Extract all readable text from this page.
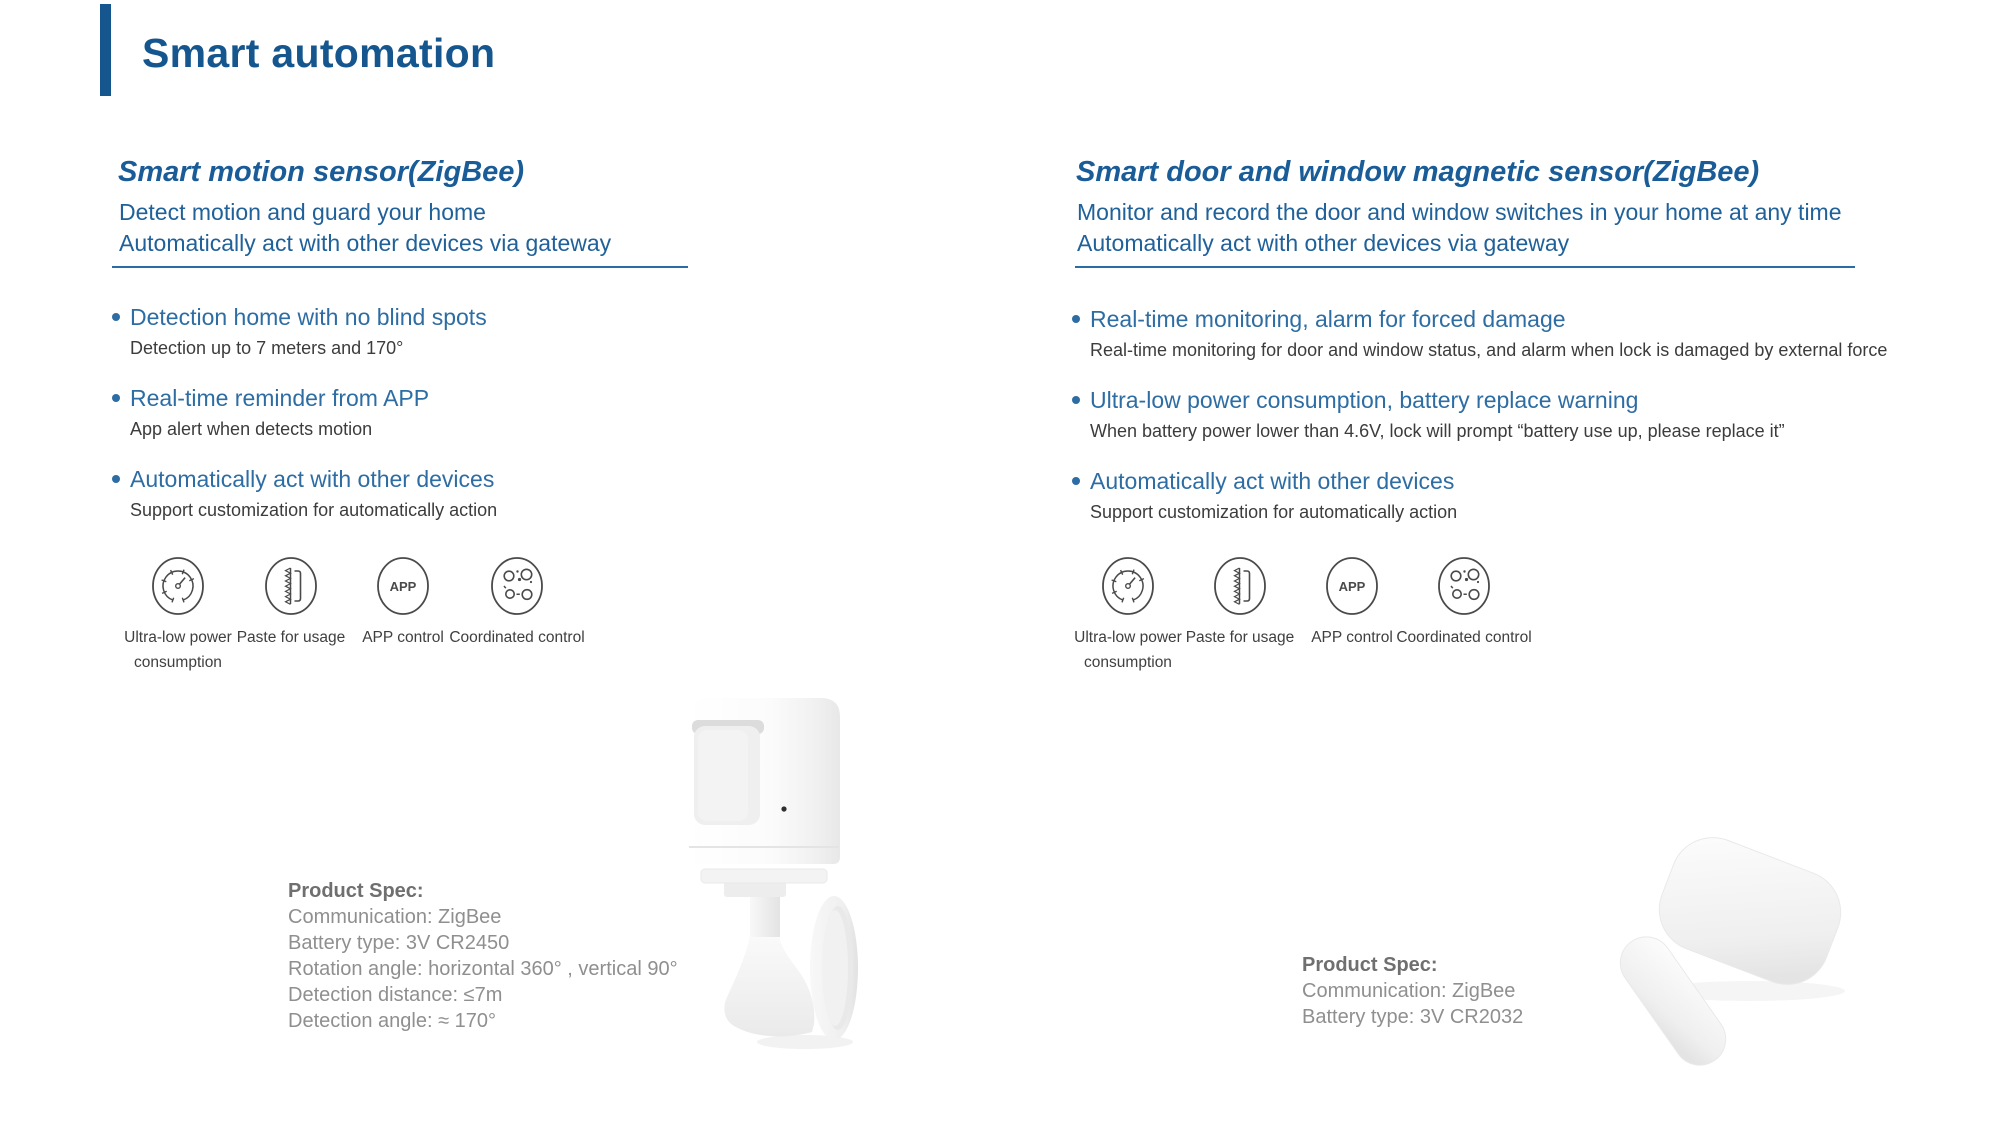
Smart automation
Smart motion sensor(ZigBee)
Detect motion and guard your home
Automatically act with other devices via gateway
Detection home with no blind spots
Detection up to 7 meters and 170°
Real-time reminder from APP
App alert when detects motion
Automatically act with other devices
Support customization for automatically action
Ultra-low power consumption
Paste for usage
APP
APP control Coordinated control
Product Spec:
Communication: ZigBee
Battery type: 3V CR2450
Rotation angle: horizontal 360° , vertical 90°
Detection distance: ≤7m
Detection angle: ≈ 170°
Smart door and window magnetic sensor(ZigBee)
Monitor and record the door and window switches in your home at any time
Automatically act with other devices via gateway
Real-time monitoring, alarm for forced damage
Real-time monitoring for door and window status, and alarm when lock is damaged by external force
Ultra-low power consumption, battery replace warning
When battery power lower than 4.6V, lock will prompt “battery use up, please replace it”
Automatically act with other devices
Support customization for automatically action
Ultra-low power consumption
Paste for usage
APP
APP control Coordinated control
Product Spec:
Communication: ZigBee
Battery type: 3V CR2032
